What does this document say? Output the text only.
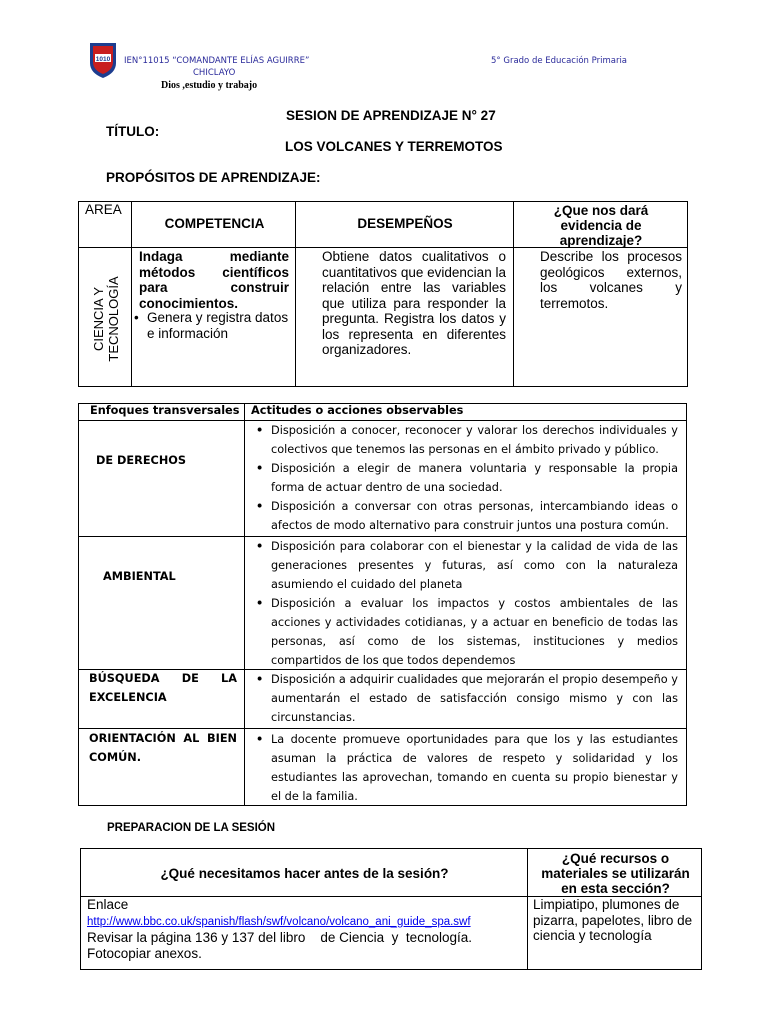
1010 IEN°11015 “COMANDANTE ELÍAS AGUIRRE”
CHICLAYO
Dios ,estudio y trabajo
5° Grado de Educación Primaria
SESION DE APRENDIZAJE N° 27
TÍTULO:
LOS VOLCANES Y TERREMOTOS
PROPÓSITOS DE APRENDIZAJE:
AREA
COMPETENCIA	DESEMPEÑOS
¿Que nos dará
evidencia de
aprendizaje?
CIENCIA Y TECNOLOGÍA
Indaga mediante
métodos científicos
para construir
conocimientos.
• Genera y registra datos e información
Obtiene datos cualitativos o cuantitativos que evidencian la relación entre las variables que utiliza para responder la pregunta. Registra los datos y los representa en diferentes organizadores.
Describe los procesos geológicos externos, los volcanes y terremotos.
Enfoques transversales Actitudes o acciones observables
DE DERECHOS
• Disposición a conocer, reconocer y valorar los derechos individuales y colectivos que tenemos las personas en el ámbito privado y público.
• Disposición a elegir de manera voluntaria y responsable la propia forma de actuar dentro de una sociedad.
• Disposición a conversar con otras personas, intercambiando ideas o afectos de modo alternativo para construir juntos una postura común.
AMBIENTAL
• Disposición para colaborar con el bienestar y la calidad de vida de las generaciones presentes y futuras, así como con la naturaleza asumiendo el cuidado del planeta
• Disposición a evaluar los impactos y costos ambientales de las acciones y actividades cotidianas, y a actuar en beneficio de todas las personas, así como de los sistemas, instituciones y medios compartidos de los que todos dependemos
BÚSQUEDA DE LA EXCELENCIA
• Disposición a adquirir cualidades que mejorarán el propio desempeño y aumentarán el estado de satisfacción consigo mismo y con las circunstancias.
ORIENTACIÓN AL BIEN COMÚN.
• La docente promueve oportunidades para que los y las estudiantes asuman la práctica de valores de respeto y solidaridad y los estudiantes las aprovechan, tomando en cuenta su propio bienestar y el de la familia.
PREPARACION DE LA SESIÓN
¿Qué necesitamos hacer antes de la sesión?
¿Qué recursos o
materiales se utilizarán
en esta sección?
Enlace
http://www.bbc.co.uk/spanish/flash/swf/volcano/volcano_ani_guide_spa.swf
Revisar la página 136 y 137 del libro    de Ciencia  y  tecnología.
Fotocopiar anexos.
Limpiatipo, plumones de pizarra, papelotes, libro de ciencia y tecnología
